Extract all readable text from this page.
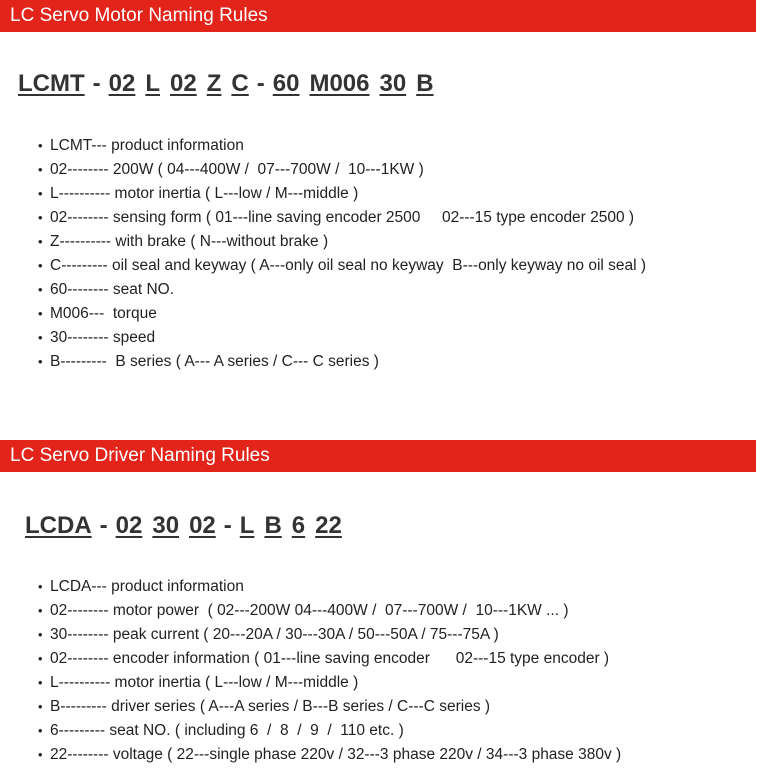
LC Servo Motor Naming Rules
LCMT - 02 L 02 Z C - 60 M006 30 B
• LCMT--- product information
• 02-------- 200W ( 04---400W /  07---700W /  10---1KW )
• L---------- motor inertia ( L---low / M---middle )
• 02-------- sensing form ( 01---line saving encoder 2500     02---15 type encoder 2500 )
• Z---------- with brake ( N---without brake )
• C--------- oil seal and keyway ( A---only oil seal no keyway  B---only keyway no oil seal )
• 60-------- seat NO.
• M006---  torque
• 30-------- speed
• B---------  B series ( A--- A series / C--- C series )
LC Servo Driver Naming Rules
LCDA - 02 30 02 - L B 6 22
• LCDA--- product information
• 02-------- motor power  ( 02---200W 04---400W /  07---700W /  10---1KW ... )
• 30-------- peak current ( 20---20A / 30---30A / 50---50A / 75---75A )
• 02-------- encoder information ( 01---line saving encoder      02---15 type encoder )
• L---------- motor inertia ( L---low / M---middle )
• B--------- driver series ( A---A series / B---B series / C---C series )
• 6--------- seat NO. ( including 6  /  8  /  9  /  110 etc. )
• 22-------- voltage ( 22---single phase 220v / 32---3 phase 220v / 34---3 phase 380v )
